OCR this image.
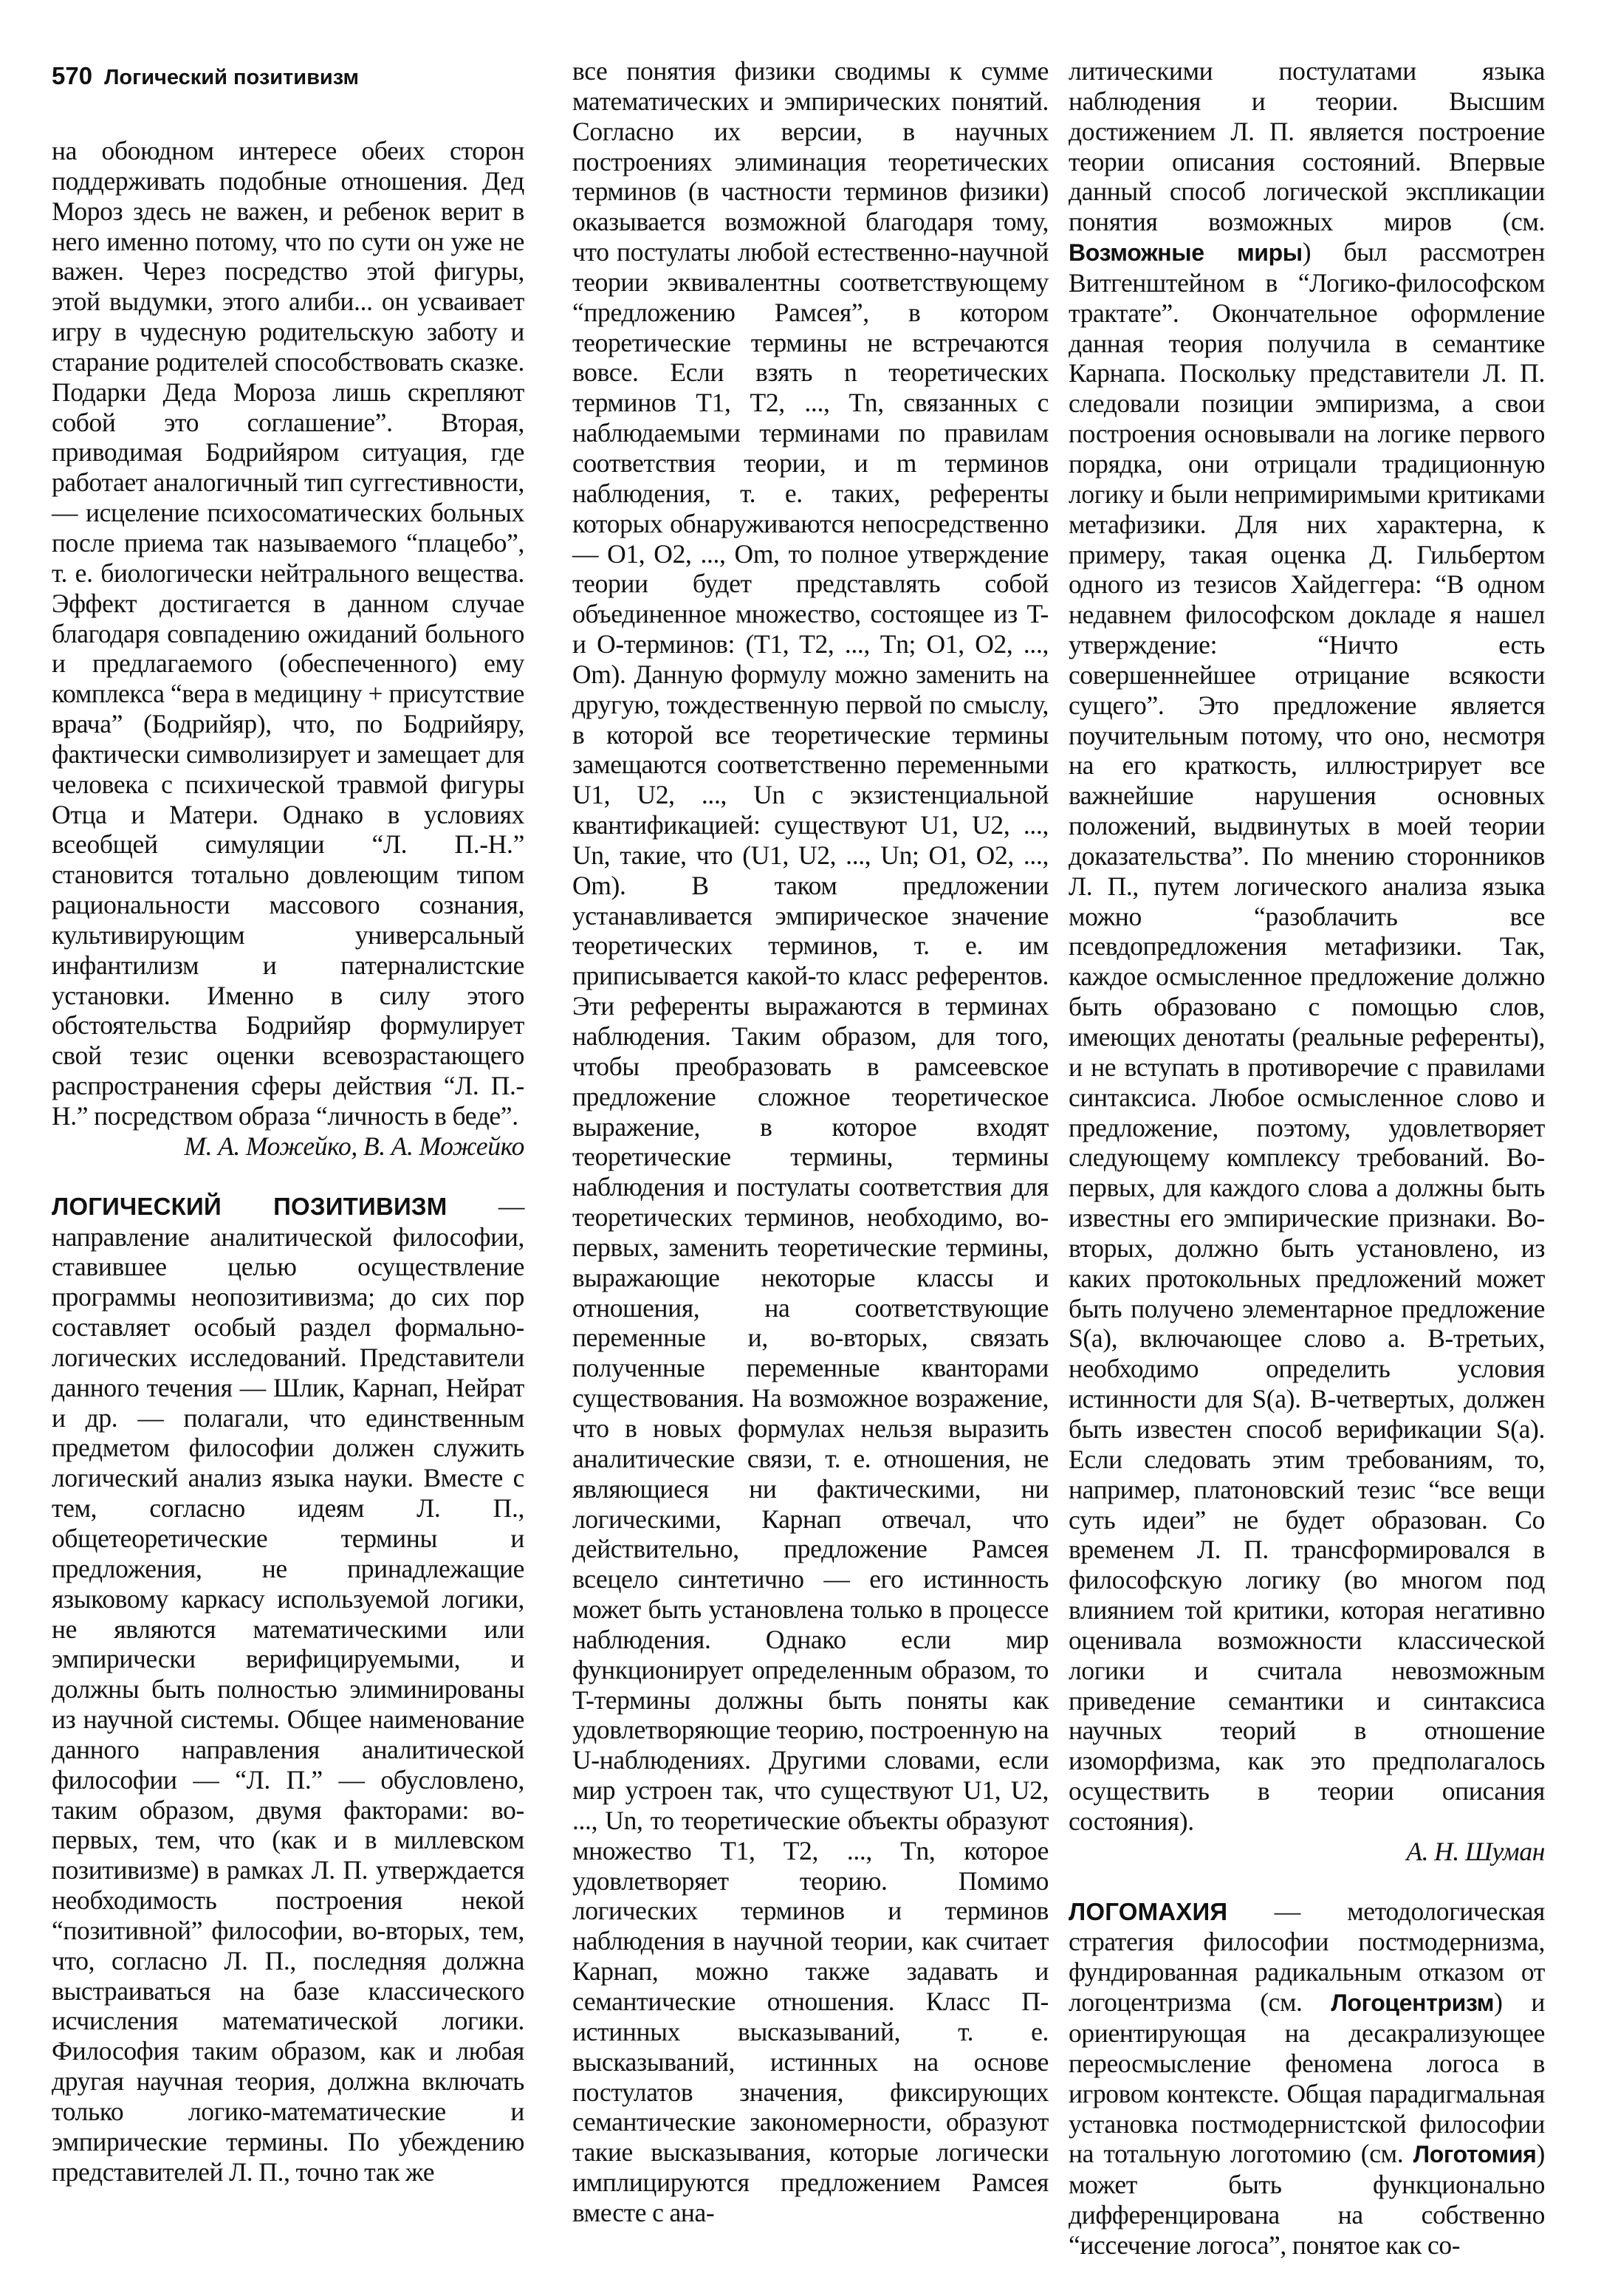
570 Логический позитивизм

на обоюдном интересе обеих сторон поддерживать подобные отношения. Дед Мороз здесь не важен, и ребенок верит в него именно потому, что по сути он уже не важен. Через посредство этой фигуры, этой выдумки, этого алиби... он усваивает игру в чудесную родительскую заботу и старание родителей способствовать сказке. Подарки Деда Мороза лишь скрепляют собой это соглашение”. Вторая, приводимая Бодрийяром ситуация, где работает аналогичный тип суггестивности, — исцеление психосоматических больных после приема так называемого “плацебо”, т. е. биологически нейтрального вещества. Эффект достигается в данном случае благодаря совпадению ожиданий больного и предлагаемого (обеспеченного) ему комплекса “вера в медицину + присутствие врача” (Бодрийяр), что, по Бодрийяру, фактически символизирует и замещает для человека с психической травмой фигуры Отца и Матери. Однако в условиях всеобщей симуляции “Л. П.-Н.” становится тотально довлеющим типом рациональности массового сознания, культивирующим универсальный инфантилизм и патерналистские установки. Именно в силу этого обстоятельства Бодрийяр формулирует свой тезис оценки всевозрастающего распространения сферы действия “Л. П.-Н.” посредством образа “личность в беде”.

М. А. Можейко, В. А. Можейко

ЛОГИЧЕСКИЙ ПОЗИТИВИЗМ — направление аналитической философии, ставившее целью осуществление программы неопозитивизма; до сих пор составляет особый раздел формально-логических исследований. Представители данного течения — Шлик, Карнап, Нейрат и др. — полагали, что единственным предметом философии должен служить логический анализ языка науки. Вместе с тем, согласно идеям Л. П., общетеоретические термины и предложения, не принадлежащие языковому каркасу используемой логики, не являются математическими или эмпирически верифицируемыми, и должны быть полностью элиминированы из научной системы. Общее наименование данного направления аналитической философии — “Л. П.” — обусловлено, таким образом, двумя факторами: во-первых, тем, что (как и в миллевском позитивизме) в рамках Л. П. утверждается необходимость построения некой “позитивной” философии, во-вторых, тем, что, согласно Л. П., последняя должна выстраиваться на базе классического исчисления математической логики. Философия таким образом, как и любая другая научная теория, должна включать только логико-математические и эмпирические термины. По убеждению представителей Л. П., точно так же

все понятия физики сводимы к сумме математических и эмпирических понятий. Согласно их версии, в научных построениях элиминация теоретических терминов (в частности терминов физики) оказывается возможной благодаря тому, что постулаты любой естественно-научной теории эквивалентны соответствующему “предложению Рамсея”, в котором теоретические термины не встречаются вовсе. Если взять n теоретических терминов T1, T2, ..., Tn, связанных с наблюдаемыми терминами по правилам соответствия теории, и m терминов наблюдения, т. е. таких, референты которых обнаруживаются непосредственно — O1, O2, ..., Om, то полное утверждение теории будет представлять собой объединенное множество, состоящее из T- и O-терминов: (T1, T2, ..., Tn; O1, O2, ..., Om). Данную формулу можно заменить на другую, тождественную первой по смыслу, в которой все теоретические термины замещаются соответственно переменными U1, U2, ..., Un с экзистенциальной квантификацией: существуют U1, U2, ..., Un, такие, что (U1, U2, ..., Un; O1, O2, ..., Om). В таком предложении устанавливается эмпирическое значение теоретических терминов, т. е. им приписывается какой-то класс референтов. Эти референты выражаются в терминах наблюдения. Таким образом, для того, чтобы преобразовать в рамсеевское предложение сложное теоретическое выражение, в которое входят теоретические термины, термины наблюдения и постулаты соответствия для теоретических терминов, необходимо, во-первых, заменить теоретические термины, выражающие некоторые классы и отношения, на соответствующие переменные и, во-вторых, связать полученные переменные кванторами существования. На возможное возражение, что в новых формулах нельзя выразить аналитические связи, т. е. отношения, не являющиеся ни фактическими, ни логическими, Карнап отвечал, что действительно, предложение Рамсея всецело синтетично — его истинность может быть установлена только в процессе наблюдения. Однако если мир функционирует определенным образом, то T-термины должны быть поняты как удовлетворяющие теорию, построенную на U-наблюдениях. Другими словами, если мир устроен так, что существуют U1, U2, ..., Un, то теоретические объекты образуют множество T1, T2, ..., Tn, которое удовлетворяет теорию. Помимо логических терминов и терминов наблюдения в научной теории, как считает Карнап, можно также задавать и семантические отношения. Класс П-истинных высказываний, т. е. высказываний, истинных на основе постулатов значения, фиксирующих семантические закономерности, образуют такие высказывания, которые логически имплицируются предложением Рамсея вместе с ана-

литическими постулатами языка наблюдения и теории. Высшим достижением Л. П. является построение теории описания состояний. Впервые данный способ логической экспликации понятия возможных миров (см. Возможные миры) был рассмотрен Витгенштейном в “Логико-философском трактате”. Окончательное оформление данная теория получила в семантике Карнапа. Поскольку представители Л. П. следовали позиции эмпиризма, а свои построения основывали на логике первого порядка, они отрицали традиционную логику и были непримиримыми критиками метафизики. Для них характерна, к примеру, такая оценка Д. Гильбертом одного из тезисов Хайдеггера: “В одном недавнем философском докладе я нашел утверждение: “Ничто есть совершеннейшее отрицание всякости сущего”. Это предложение является поучительным потому, что оно, несмотря на его краткость, иллюстрирует все важнейшие нарушения основных положений, выдвинутых в моей теории доказательства”. По мнению сторонников Л. П., путем логического анализа языка можно “разоблачить все псевдопредложения метафизики. Так, каждое осмысленное предложение должно быть образовано с помощью слов, имеющих денотаты (реальные референты), и не вступать в противоречие с правилами синтаксиса. Любое осмысленное слово и предложение, поэтому, удовлетворяет следующему комплексу требований. Во-первых, для каждого слова a должны быть известны его эмпирические признаки. Во-вторых, должно быть установлено, из каких протокольных предложений может быть получено элементарное предложение S(a), включающее слово a. В-третьих, необходимо определить условия истинности для S(a). В-четвертых, должен быть известен способ верификации S(a). Если следовать этим требованиям, то, например, платоновский тезис “все вещи суть идеи” не будет образован. Со временем Л. П. трансформировался в философскую логику (во многом под влиянием той критики, которая негативно оценивала возможности классической логики и считала невозможным приведение семантики и синтаксиса научных теорий в отношение изоморфизма, как это предполагалось осуществить в теории описания состояния).

А. Н. Шуман

ЛОГОМАХИЯ — методологическая стратегия философии постмодернизма, фундированная радикальным отказом от логоцентризма (см. Логоцентризм) и ориентирующая на десакрализующее переосмысление феномена логоса в игровом контексте. Общая парадигмальная установка постмодернистской философии на тотальную логотомию (см. Логотомия) может быть функционально дифференцирована на собственно “иссечение логоса”, понятое как со-
